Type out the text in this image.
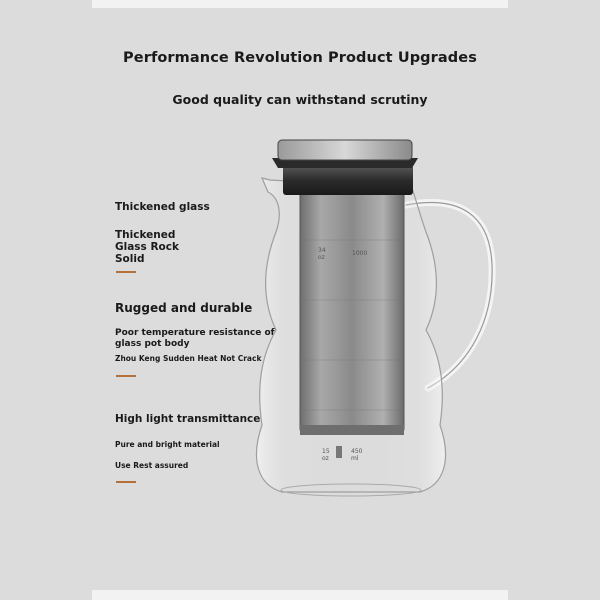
Performance Revolution Product Upgrades
Good quality can withstand scrutiny
Thickened glass
Thickened
Glass Rock
Solid
Rugged and durable
Poor temperature resistance of
glass pot body
Zhou Keng Sudden Heat Not Crack
High light transmittance
Pure and bright material
Use Rest assured
34
oz
1000
15
oz
450
ml
